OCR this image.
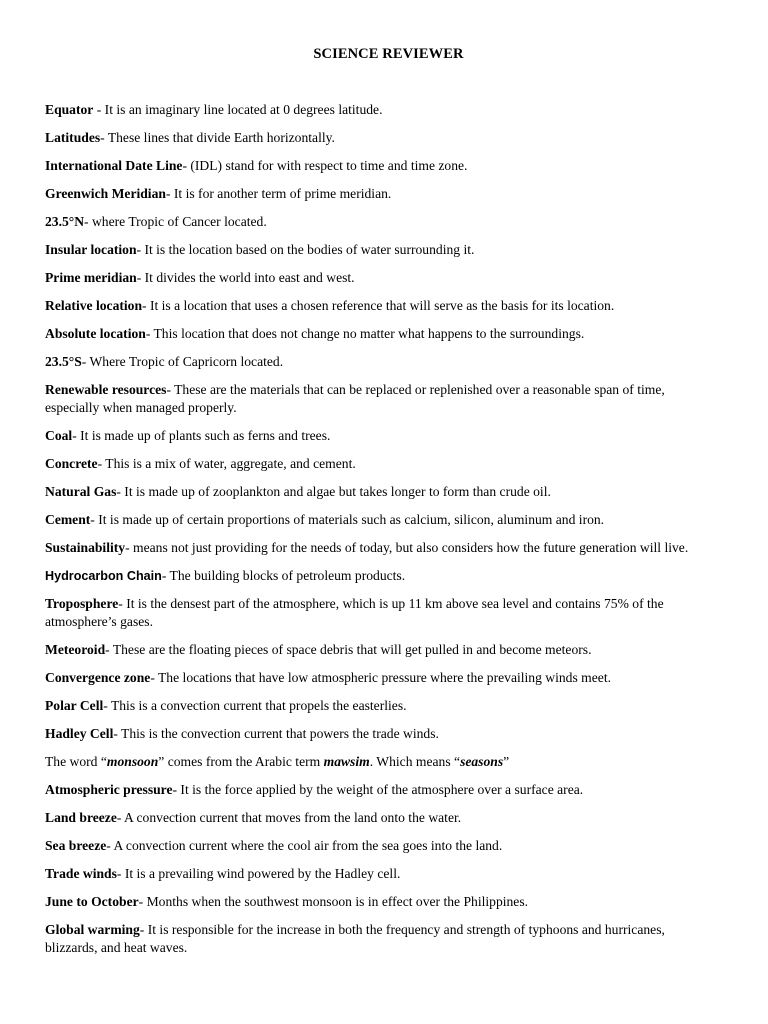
SCIENCE REVIEWER

Equator - It is an imaginary line located at 0 degrees latitude.

Latitudes- These lines that divide Earth horizontally.

International Date Line- (IDL) stand for with respect to time and time zone.

Greenwich Meridian- It is for another term of prime meridian.

23.5°N- where Tropic of Cancer located.

Insular location- It is the location based on the bodies of water surrounding it.

Prime meridian- It divides the world into east and west.

Relative location- It is a location that uses a chosen reference that will serve as the basis for its location.

Absolute location- This location that does not change no matter what happens to the surroundings.

23.5°S- Where Tropic of Capricorn located.

Renewable resources- These are the materials that can be replaced or replenished over a reasonable span of time, especially when managed properly.

Coal- It is made up of plants such as ferns and trees.

Concrete- This is a mix of water, aggregate, and cement.

Natural Gas- It is made up of zooplankton and algae but takes longer to form than crude oil.

Cement- It is made up of certain proportions of materials such as calcium, silicon, aluminum and iron.

Sustainability- means not just providing for the needs of today, but also considers how the future generation will live.

Hydrocarbon Chain- The building blocks of petroleum products.

Troposphere- It is the densest part of the atmosphere, which is up 11 km above sea level and contains 75% of the atmosphere’s gases.

Meteoroid- These are the floating pieces of space debris that will get pulled in and become meteors.

Convergence zone- The locations that have low atmospheric pressure where the prevailing winds meet.

Polar Cell- This is a convection current that propels the easterlies.

Hadley Cell- This is the convection current that powers the trade winds.

The word “monsoon” comes from the Arabic term mawsim. Which means “seasons”

Atmospheric pressure- It is the force applied by the weight of the atmosphere over a surface area.

Land breeze- A convection current that moves from the land onto the water.

Sea breeze- A convection current where the cool air from the sea goes into the land.

Trade winds- It is a prevailing wind powered by the Hadley cell.

June to October- Months when the southwest monsoon is in effect over the Philippines.

Global warming- It is responsible for the increase in both the frequency and strength of typhoons and hurricanes, blizzards, and heat waves.
